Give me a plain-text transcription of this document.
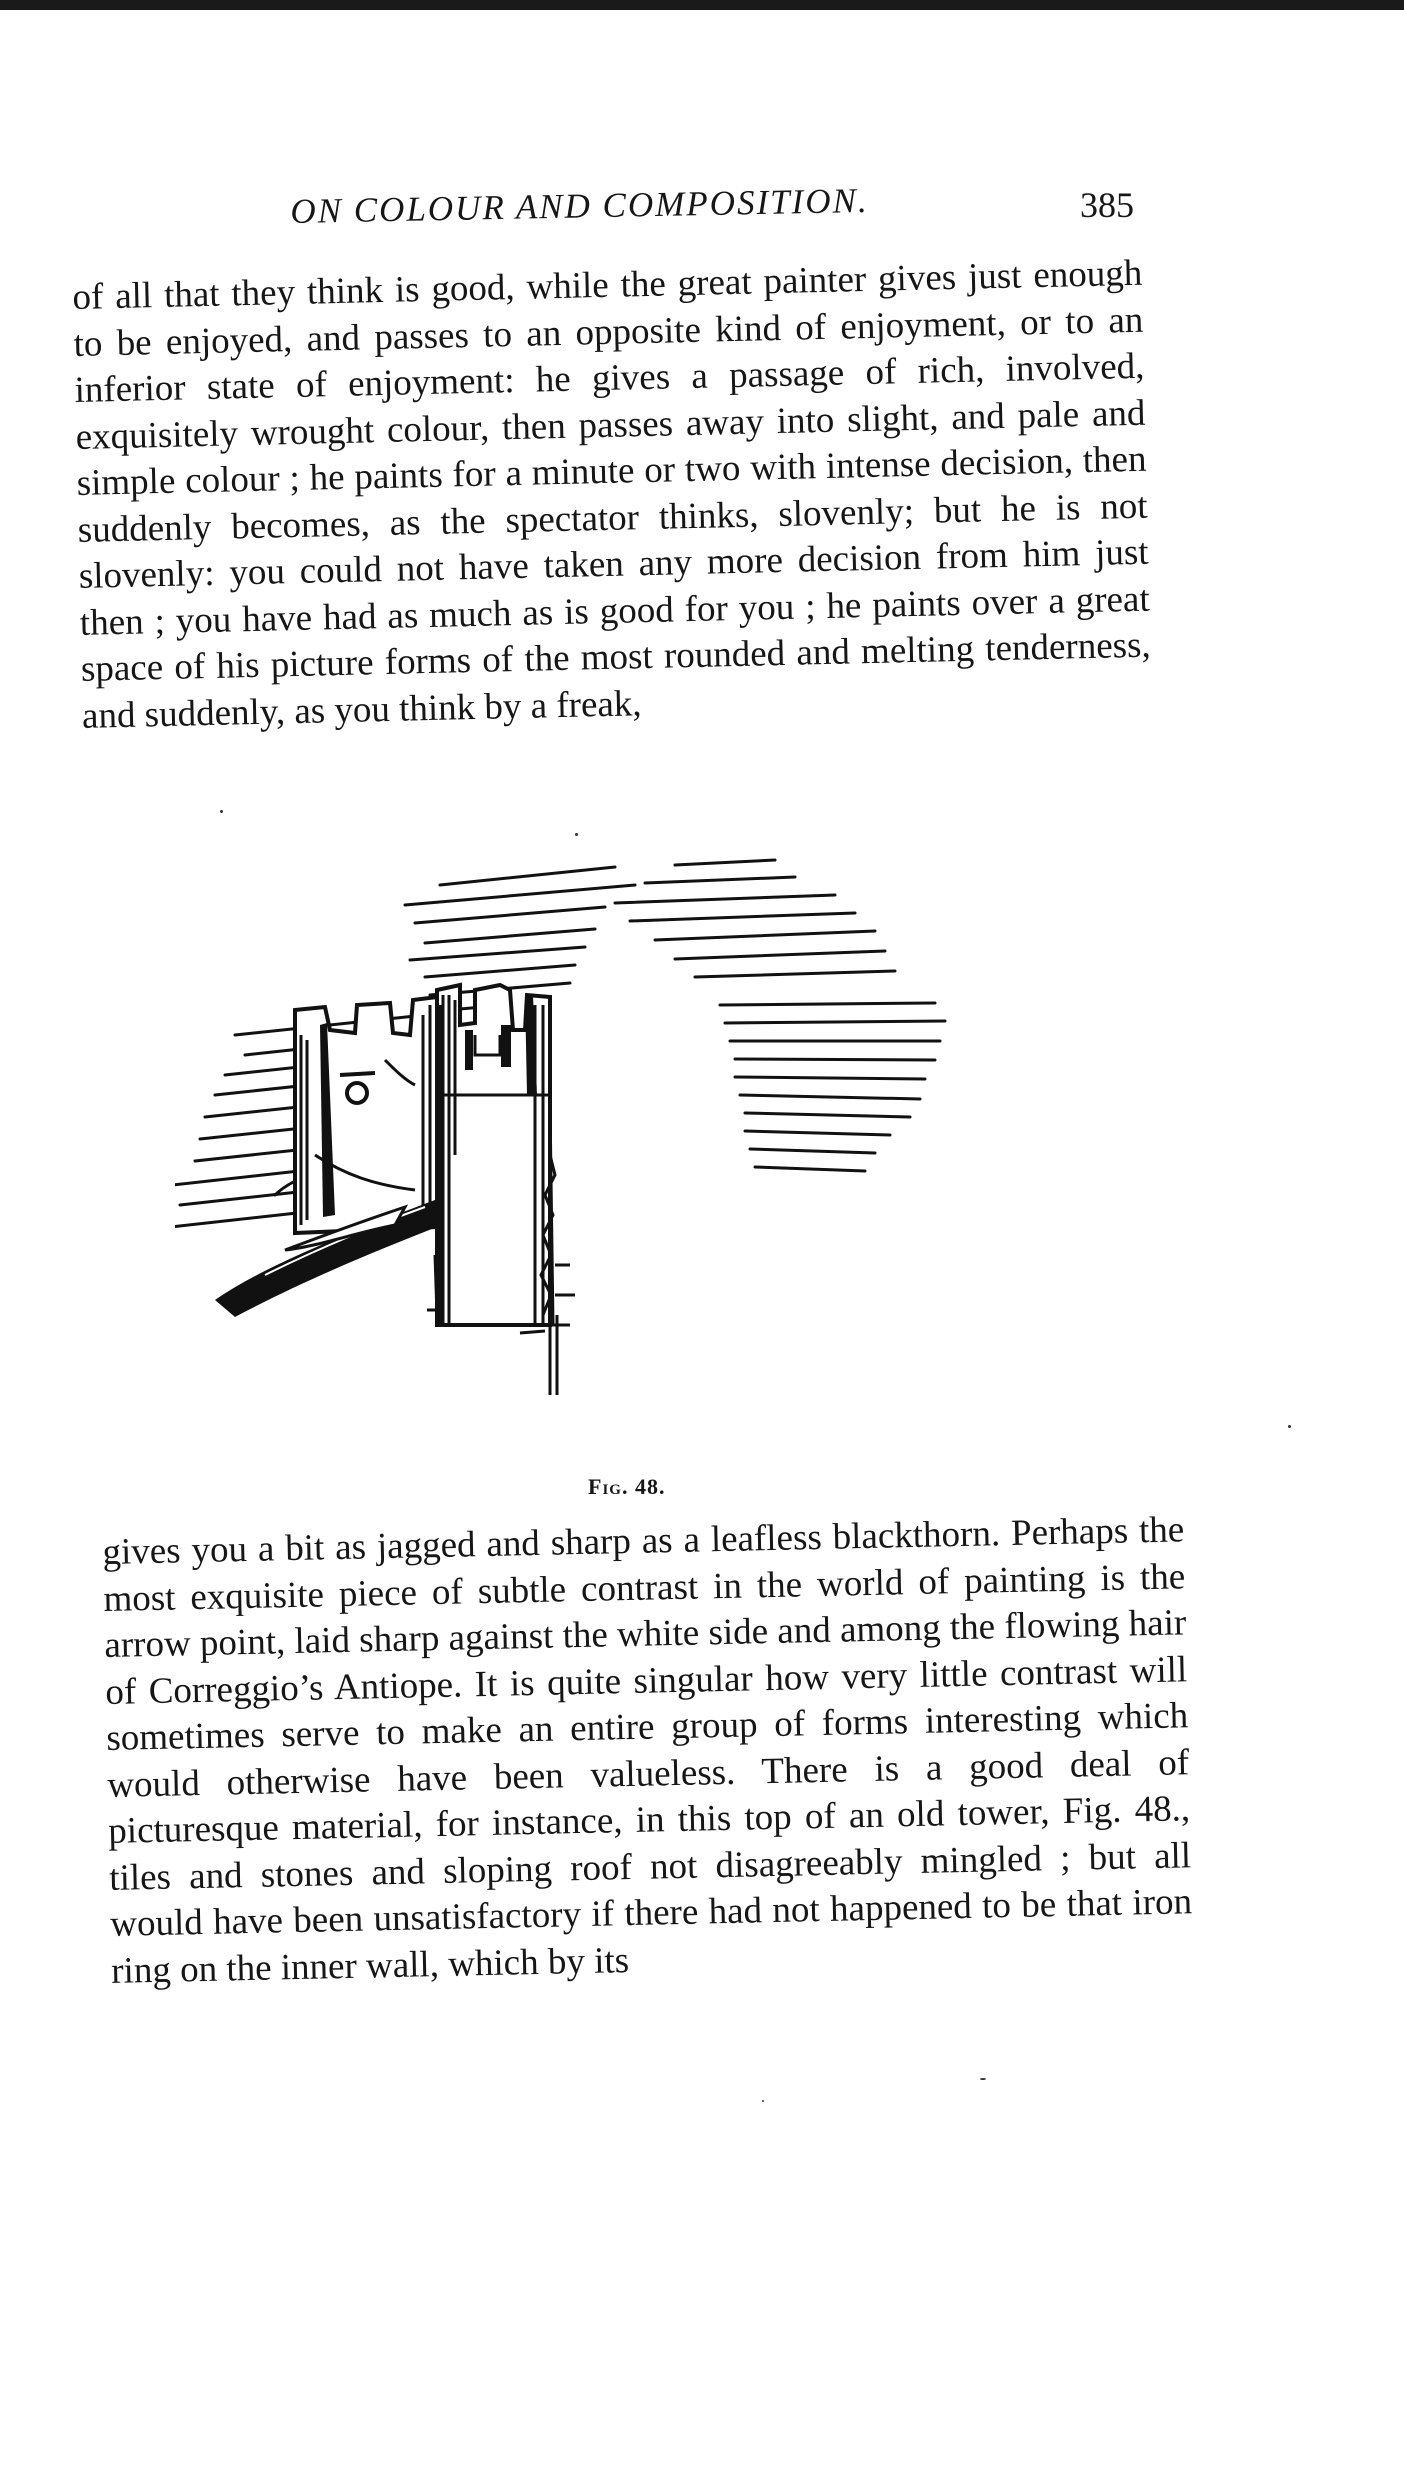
ON COLOUR AND COMPOSITION.	385

of all that they think is good, while the great painter gives just enough to be enjoyed, and passes to an opposite kind of enjoyment, or to an inferior state of enjoyment: he gives a passage of rich, involved, exquisitely wrought colour, then passes away into slight, and pale and simple colour ; he paints for a minute or two with intense decision, then suddenly becomes, as the spectator thinks, slovenly; but he is not slovenly: you could not have taken any more decision from him just then ; you have had as much as is good for you ; he paints over a great space of his picture forms of the most rounded and melting tenderness, and suddenly, as you think by a freak,

Fig. 48.

gives you a bit as jagged and sharp as a leafless blackthorn. Perhaps the most exquisite piece of subtle contrast in the world of painting is the arrow point, laid sharp against the white side and among the flowing hair of Correggio’s Antiope. It is quite singular how very little contrast will sometimes serve to make an entire group of forms interesting which would otherwise have been valueless. There is a good deal of picturesque material, for instance, in this top of an old tower, Fig. 48., tiles and stones and sloping roof not disagreeably mingled ; but all would have been unsatisfactory if there had not happened to be that iron ring on the inner wall, which by its
